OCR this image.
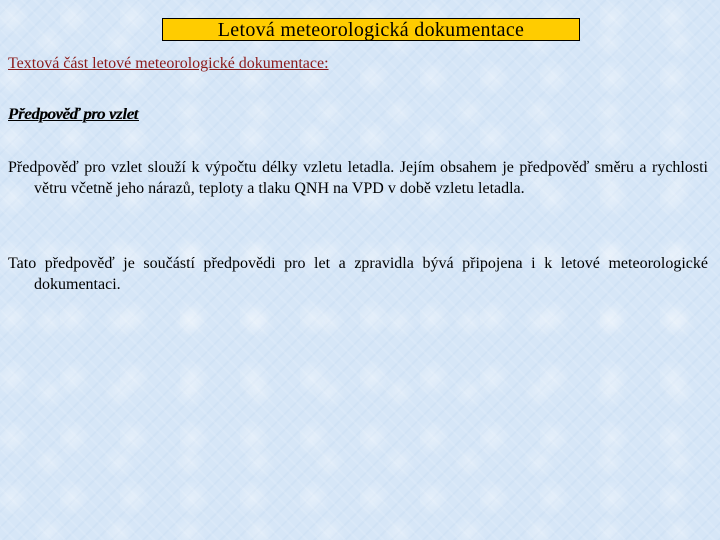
Letová meteorologická dokumentace
Textová část letové meteorologické dokumentace:
Předpověď pro vzlet

Předpověď pro vzlet slouží k výpočtu délky vzletu letadla. Jejím obsahem je předpověď směru a rychlosti větru včetně jeho nárazů, teploty a tlaku QNH na VPD v době vzletu letadla.

Tato předpověď je součástí předpovědi pro let a zpravidla bývá připojena i k letové meteorologické dokumentaci.
